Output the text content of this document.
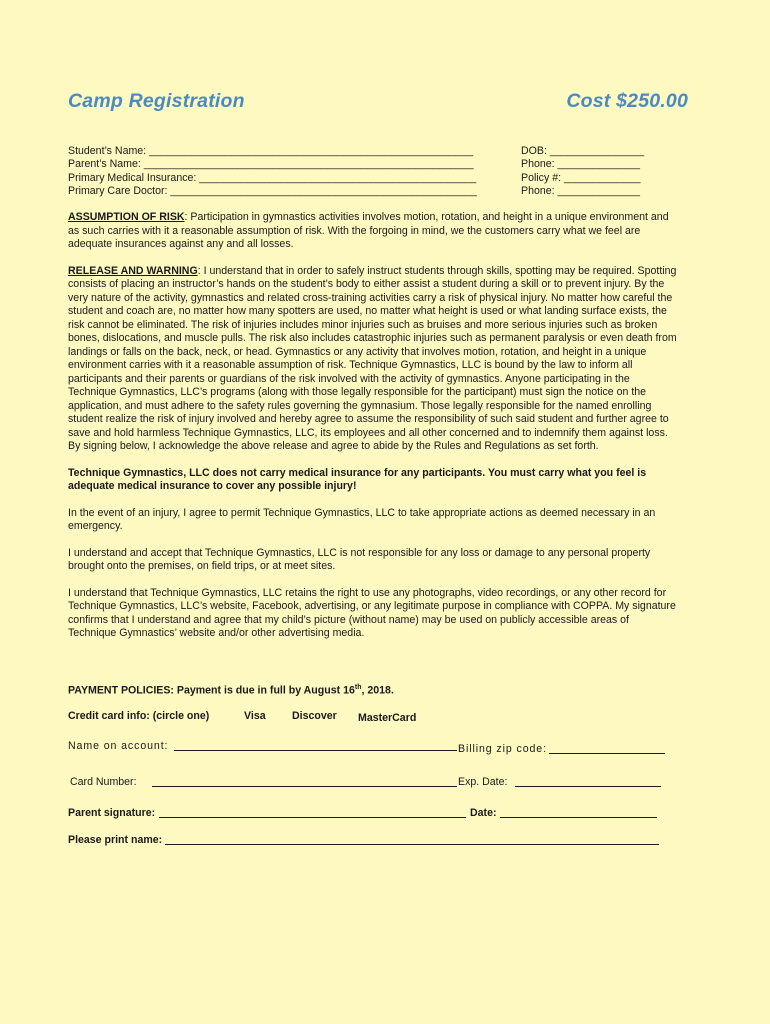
Camp Registration	Cost $250.00
Student’s Name: _______________________________________________________	DOB: ________________
Parent’s Name: ________________________________________________________	Phone: ______________
Primary Medical Insurance: _______________________________________________	Policy #: _____________
Primary Care Doctor: ____________________________________________________	Phone: ______________

ASSUMPTION OF RISK: Participation in gymnastics activities involves motion, rotation, and height in a unique environment and as such carries with it a reasonable assumption of risk. With the forgoing in mind, we the customers carry what we feel are adequate insurances against any and all losses.

RELEASE AND WARNING: I understand that in order to safely instruct students through skills, spotting may be required. Spotting consists of placing an instructor’s hands on the student’s body to either assist a student during a skill or to prevent injury. By the very nature of the activity, gymnastics and related cross-training activities carry a risk of physical injury. No matter how careful the student and coach are, no matter how many spotters are used, no matter what height is used or what landing surface exists, the risk cannot be eliminated. The risk of injuries includes minor injuries such as bruises and more serious injuries such as broken bones, dislocations, and muscle pulls. The risk also includes catastrophic injuries such as permanent paralysis or even death from landings or falls on the back, neck, or head. Gymnastics or any activity that involves motion, rotation, and height in a unique environment carries with it a reasonable assumption of risk. Technique Gymnastics, LLC is bound by the law to inform all participants and their parents or guardians of the risk involved with the activity of gymnastics. Anyone participating in the Technique Gymnastics, LLC’s programs (along with those legally responsible for the participant) must sign the notice on the application, and must adhere to the safety rules governing the gymnasium. Those legally responsible for the named enrolling student realize the risk of injury involved and hereby agree to assume the responsibility of such said student and further agree to save and hold harmless Technique Gymnastics, LLC, its employees and all other concerned and to indemnify them against loss. By signing below, I acknowledge the above release and agree to abide by the Rules and Regulations as set forth.

Technique Gymnastics, LLC does not carry medical insurance for any participants. You must carry what you feel is adequate medical insurance to cover any possible injury!

In the event of an injury, I agree to permit Technique Gymnastics, LLC to take appropriate actions as deemed necessary in an emergency.

I understand and accept that Technique Gymnastics, LLC is not responsible for any loss or damage to any personal property brought onto the premises, on field trips, or at meet sites.

I understand that Technique Gymnastics, LLC retains the right to use any photographs, video recordings, or any other record for Technique Gymnastics, LLC’s website, Facebook, advertising, or any legitimate purpose in compliance with COPPA. My signature confirms that I understand and agree that my child’s picture (without name) may be used on publicly accessible areas of Technique Gymnastics’ website and/or other advertising media.

PAYMENT POLICIES: Payment is due in full by August 16th, 2018.
Credit card info: (circle one)	Visa Discover MasterCard
Name on account:	Billing zip code:
Card Number:	Exp. Date:
Parent signature:	Date:
Please print name:
